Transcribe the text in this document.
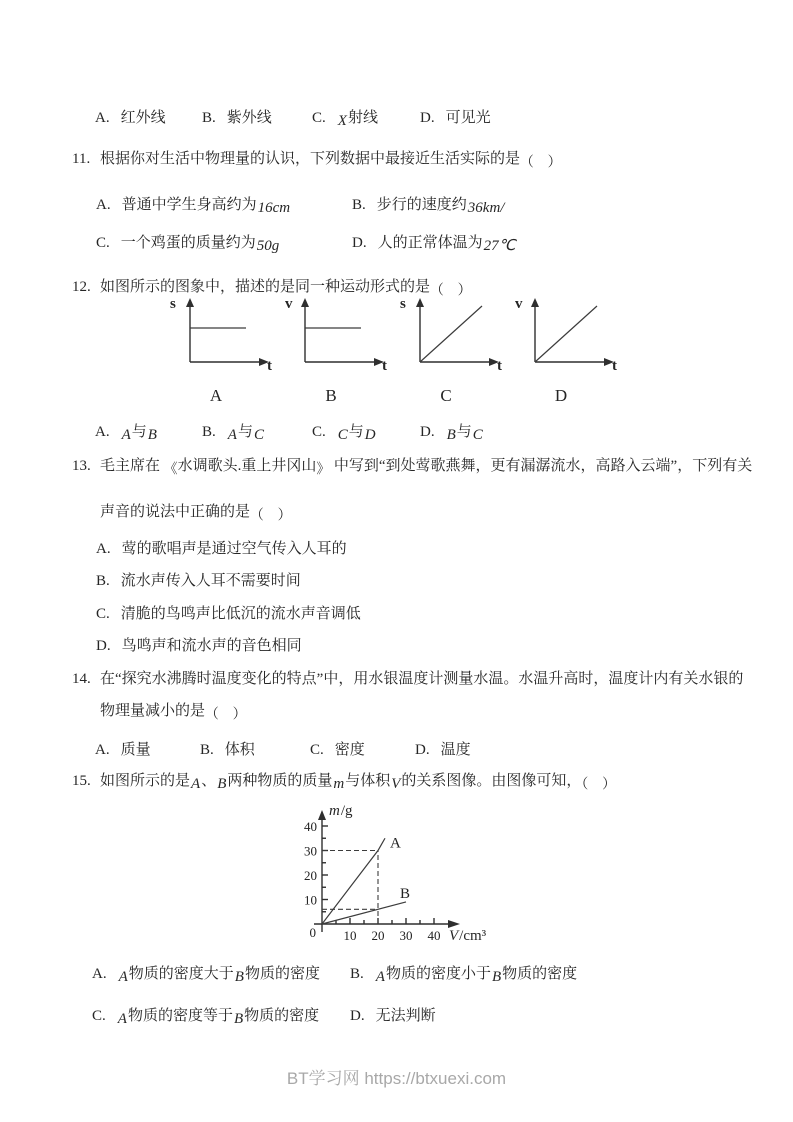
A. 红外线 B. 紫外线	C. X射线	D. 可见光
11. 根据你对生活中物理量的认识，下列数据中最接近生活实际的是（　）
A. 普通中学生身高约为16cm	B. 步行的速度约36km/
C. 一个鸡蛋的质量约为50g	D. 人的正常体温为27℃
12. 如图所示的图象中，描述的是同一种运动形式的是（　）
s
t
A
v
t
B
s
t
C
v
t
D
A. A与B	B. A与C	C. C与D	D. B与C
13. 毛主席在 《水调歌头.重上井冈山》 中写到“到处莺歌燕舞，更有漏潺流水，高路入云端”，下列有关
声音的说法中正确的是（　）
A. 莺的歌唱声是通过空气传入人耳的
B. 流水声传入人耳不需要时间
C. 清脆的鸟鸣声比低沉的流水声音调低
D. 鸟鸣声和流水声的音色相同
14. 在“探究水沸腾时温度变化的特点”中，用水银温度计测量水温。水温升高时，温度计内有关水银的
物理量减小的是（　）
A. 质量	B. 体积	C. 密度	D. 温度
15. 如图所示的是A、B两种物质的质量m与体积V的关系图像。由图像可知，（　）
10
20
30
40
10 20 30 40
0
A
B
m/g
V/cm³
A. A物质的密度大于B物质的密度 B. A物质的密度小于B物质的密度
C. A物质的密度等于B物质的密度 D. 无法判断
BT学习网 https://btxuexi.com
